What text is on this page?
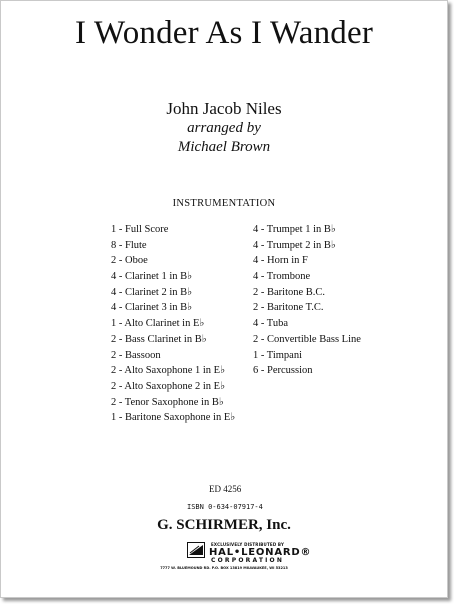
I Wonder As I Wander
John Jacob Niles
arranged by
Michael Brown
INSTRUMENTATION
1 - Full Score
8 - Flute
2 - Oboe
4 - Clarinet 1 in B♭
4 - Clarinet 2 in B♭
4 - Clarinet 3 in B♭
1 - Alto Clarinet in E♭
2 - Bass Clarinet in B♭
2 - Bassoon
2 - Alto Saxophone 1 in E♭
2 - Alto Saxophone 2 in E♭
2 - Tenor Saxophone in B♭
1 - Baritone Saxophone in E♭
4 - Trumpet 1 in B♭
4 - Trumpet 2 in B♭
4 - Horn in F
4 - Trombone
2 - Baritone B.C.
2 - Baritone T.C.
4 - Tuba
2 - Convertible Bass Line
1 - Timpani
6 - Percussion
ED 4256
ISBN 0-634-07917-4
G. SCHIRMER, Inc.
EXCLUSIVELY DISTRIBUTED BY
HAL•LEONARD®
CORPORATION
7777 W. BLUEMOUND RD. P.O. BOX 13819 MILWAUKEE, WI 53213
